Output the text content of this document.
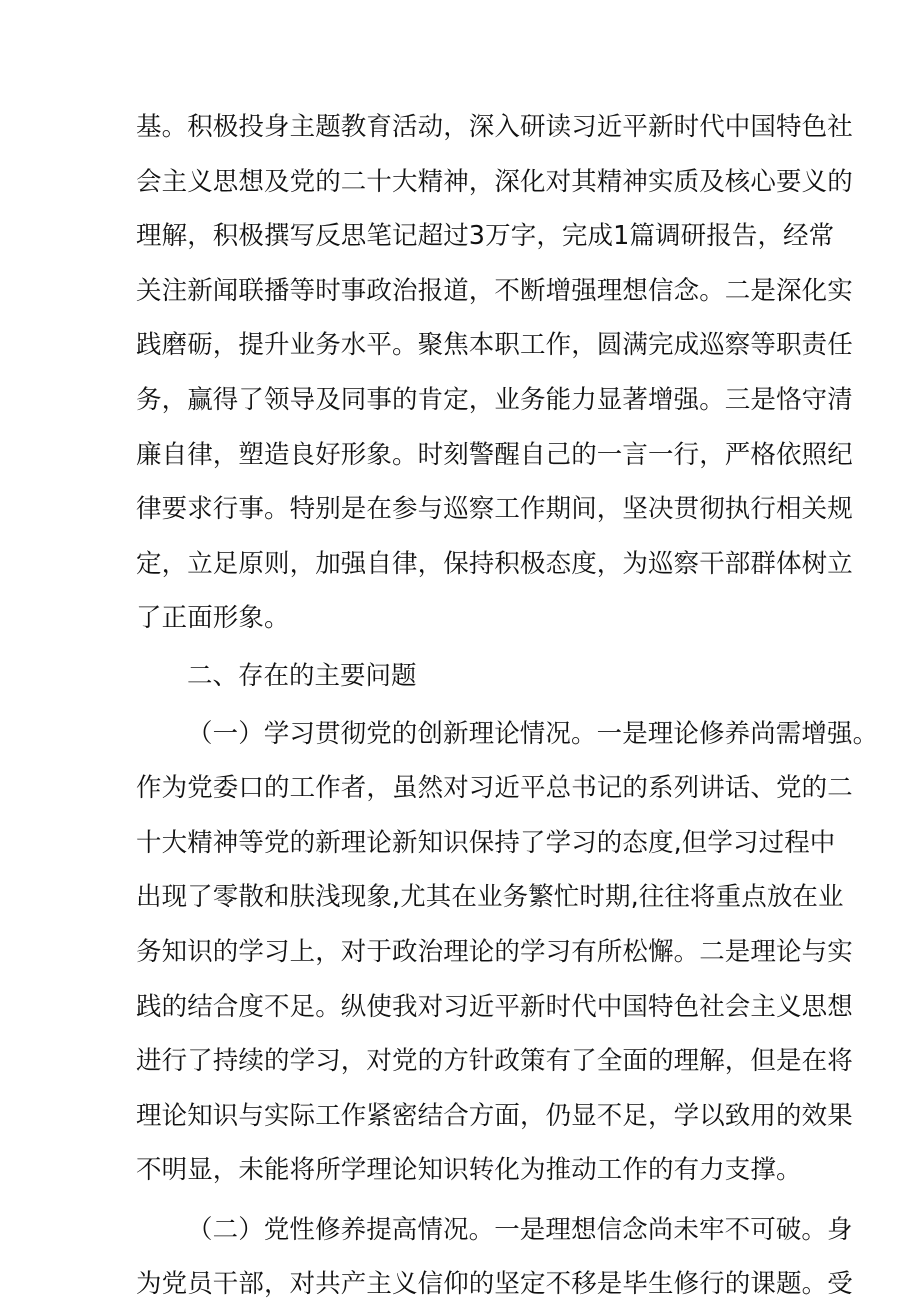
基。积极投身主题教育活动，深入研读习近平新时代中国特色社
会主义思想及党的二十大精神，深化对其精神实质及核心要义的
理解，积极撰写反思笔记超过3万字，完成1篇调研报告，经常
关注新闻联播等时事政治报道，不断增强理想信念。二是深化实
践磨砺，提升业务水平。聚焦本职工作，圆满完成巡察等职责任
务，赢得了领导及同事的肯定，业务能力显著增强。三是恪守清
廉自律，塑造良好形象。时刻警醒自己的一言一行，严格依照纪
律要求行事。特别是在参与巡察工作期间，坚决贯彻执行相关规
定，立足原则，加强自律，保持积极态度，为巡察干部群体树立
了正面形象。

二、存在的主要问题

（一）学习贯彻党的创新理论情况。一是理论修养尚需增强。
作为党委口的工作者，虽然对习近平总书记的系列讲话、党的二
十大精神等党的新理论新知识保持了学习的态度,但学习过程中
出现了零散和肤浅现象,尤其在业务繁忙时期,往往将重点放在业
务知识的学习上，对于政治理论的学习有所松懈。二是理论与实
践的结合度不足。纵使我对习近平新时代中国特色社会主义思想
进行了持续的学习，对党的方针政策有了全面的理解，但是在将
理论知识与实际工作紧密结合方面，仍显不足，学以致用的效果
不明显，未能将所学理论知识转化为推动工作的有力支撑。
（二）党性修养提高情况。一是理想信念尚未牢不可破。身
为党员干部，对共产主义信仰的坚定不移是毕生修行的课题。受
